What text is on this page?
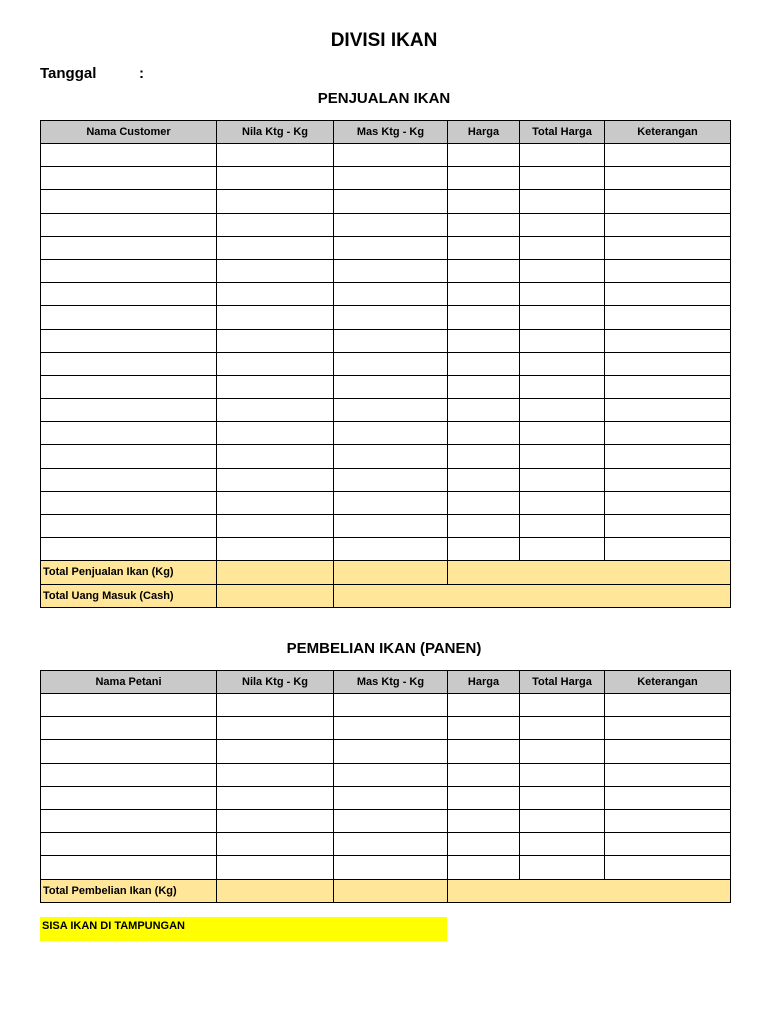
DIVISI IKAN
Tanggal	:
PENJUALAN IKAN
Nama Customer	Nila Ktg - Kg	Mas Ktg - Kg	Harga	Total Harga	Keterangan

Total Penjualan Ikan (Kg)					
Total Uang Masuk (Cash)					
PEMBELIAN IKAN (PANEN)
Nama Petani	Nila Ktg - Kg	Mas Ktg - Kg	Harga	Total Harga	Keterangan

Total Pembelian Ikan (Kg)					
SISA IKAN DI TAMPUNGAN
